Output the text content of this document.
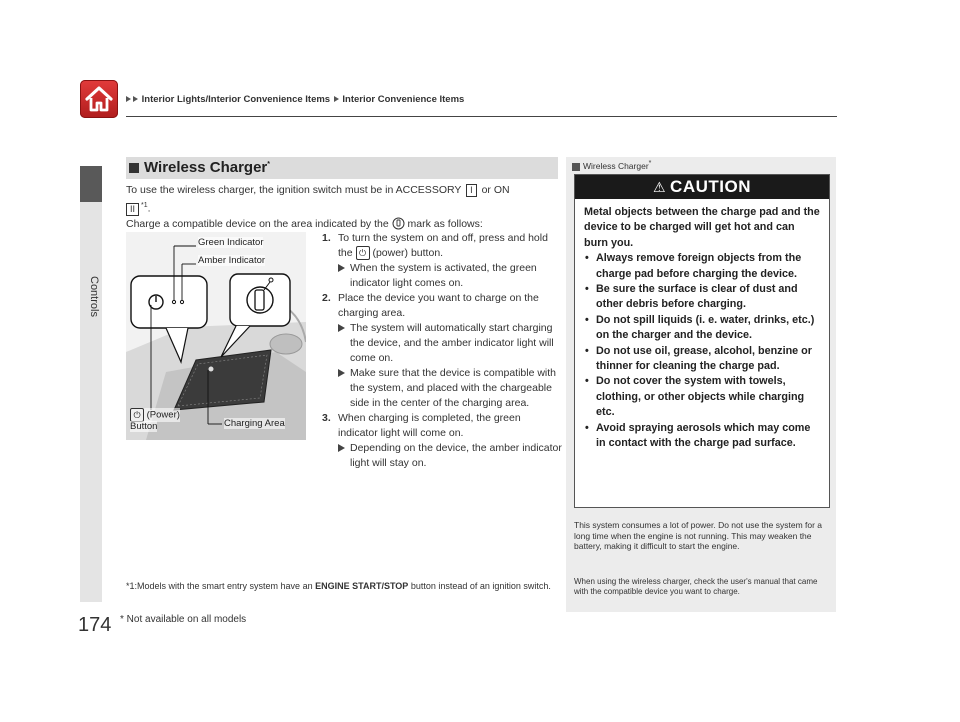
Interior Lights/Interior Convenience Items Interior Convenience Items
Controls
174
Wireless Charger*
To use the wireless charger, the ignition switch must be in ACCESSORY I or ON
II $^{*1}$.
Charge a compatible device on the area indicated by the mark as follows:
Green Indicator
Amber Indicator
⏻ (Power)
Button	Charging Area
1. To turn the system on and off, press and hold the ⏻ (power) button.
When the system is activated, the green indicator light comes on.
2. Place the device you want to charge on the charging area.
The system will automatically start charging the device, and the amber indicator light will come on.
Make sure that the device is compatible with the system, and placed with the chargeable side in the center of the charging area.
3. When charging is completed, the green indicator light will come on.
Depending on the device, the amber indicator light will stay on.
*1:Models with the smart entry system have an ENGINE START/STOP button instead of an ignition switch.
* Not available on all models
Wireless Charger*
⚠ CAUTION
Metal objects between the charge pad and the device to be charged will get hot and can burn you.
• Always remove foreign objects from the charge pad before charging the device.
• Be sure the surface is clear of dust and other debris before charging.
• Do not spill liquids (i. e. water, drinks, etc.) on the charger and the device.
• Do not use oil, grease, alcohol, benzine or thinner for cleaning the charge pad.
• Do not cover the system with towels, clothing, or other objects while charging etc.
• Avoid spraying aerosols which may come in contact with the charge pad surface.
This system consumes a lot of power. Do not use the system for a long time when the engine is not running. This may weaken the battery, making it difficult to start the engine.
When using the wireless charger, check the user's manual that came with the compatible device you want to charge.
